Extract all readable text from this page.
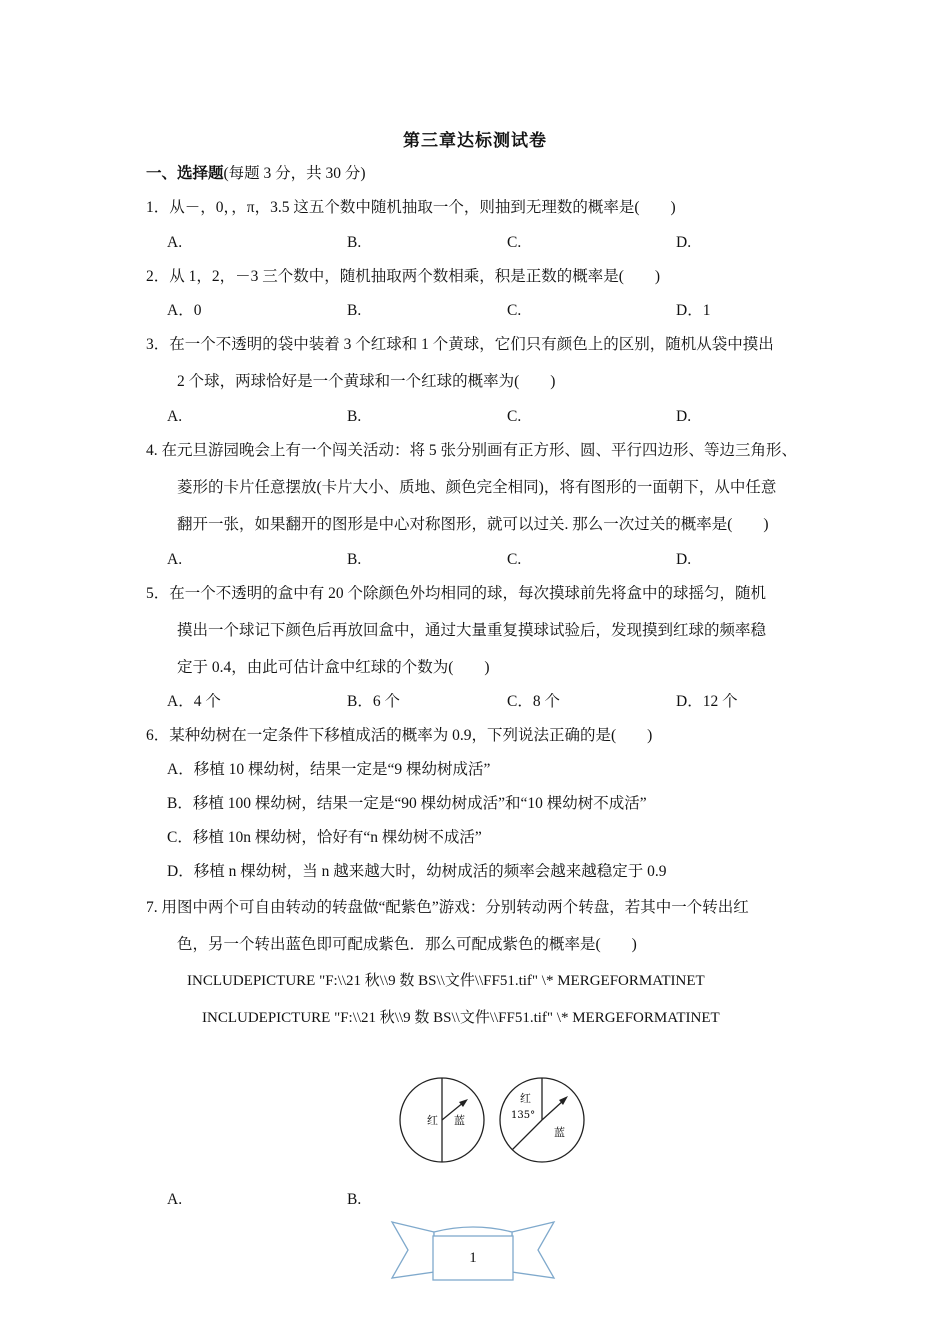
第三章达标测试卷
一、选择题(每题 3 分，共 30 分)
1．从－，0，，π，3.5 这五个数中随机抽取一个，则抽到无理数的概率是(　　)
A.	B.	C.	D.
2．从 1，2，－3 三个数中，随机抽取两个数相乘，积是正数的概率是(　　)
A．0	B.	C.	D．1
3．在一个不透明的袋中装着 3 个红球和 1 个黄球，它们只有颜色上的区别，随机从袋中摸出
2 个球，两球恰好是一个黄球和一个红球的概率为(　　)
A.	B.	C.	D.
4. 在元旦游园晚会上有一个闯关活动：将 5 张分别画有正方形、圆、平行四边形、等边三角形、
菱形的卡片任意摆放(卡片大小、质地、颜色完全相同)，将有图形的一面朝下，从中任意
翻开一张，如果翻开的图形是中心对称图形，就可以过关. 那么一次过关的概率是(　　)
A.	B.	C.	D.
5．在一个不透明的盒中有 20 个除颜色外均相同的球，每次摸球前先将盒中的球摇匀，随机
摸出一个球记下颜色后再放回盒中，通过大量重复摸球试验后，发现摸到红球的频率稳
定于 0.4，由此可估计盒中红球的个数为(　　)
A．4 个	B．6 个	C．8 个	D．12 个
6．某种幼树在一定条件下移植成活的概率为 0.9，下列说法正确的是(　　)
A．移植 10 棵幼树，结果一定是“9 棵幼树成活”
B．移植 100 棵幼树，结果一定是“90 棵幼树成活”和“10 棵幼树不成活”
C．移植 10n 棵幼树，恰好有“n 棵幼树不成活”
D．移植 n 棵幼树，当 n 越来越大时，幼树成活的频率会越来越稳定于 0.9
7. 用图中两个可自由转动的转盘做“配紫色”游戏：分别转动两个转盘，若其中一个转出红
色，另一个转出蓝色即可配成紫色．那么可配成紫色的概率是(　　)
INCLUDEPICTURE "F:\\21 秋\\9 数 BS\\文件\\FF51.tif" \* MERGEFORMATINET
INCLUDEPICTURE "F:\\21 秋\\9 数 BS\\文件\\FF51.tif" \* MERGEFORMATINET
红 蓝
红
135°
蓝
A.	B.
1
